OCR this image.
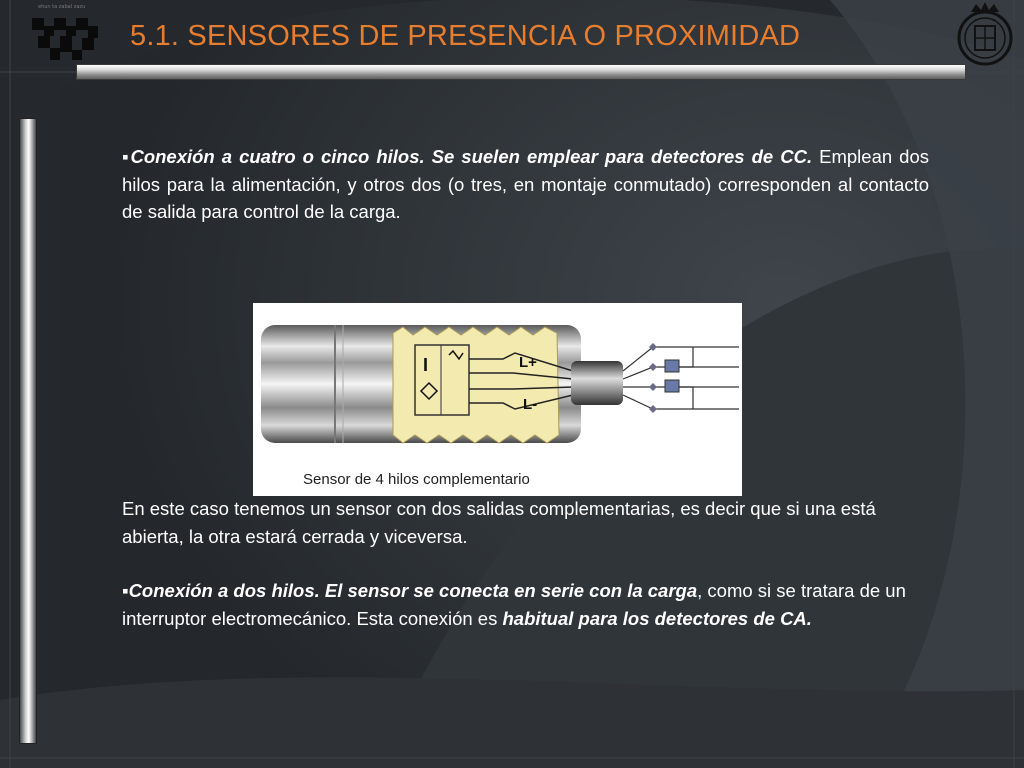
ehun ta zabal zazu
5.1. SENSORES DE PRESENCIA O PROXIMIDAD
▪Conexión a cuatro o cinco hilos. Se suelen emplear para detectores de CC. Emplean dos hilos para la alimentación, y otros dos (o tres, en montaje conmutado) corresponden al contacto de salida para control de la carga.
I	L+
L-
Sensor de 4 hilos complementario
En este caso tenemos un sensor con dos salidas complementarias, es decir que si una está abierta, la otra estará cerrada y viceversa.
▪Conexión a dos hilos. El sensor se conecta en serie con la carga, como si se tratara de un interruptor electromecánico. Esta conexión es habitual para los detectores de CA.
